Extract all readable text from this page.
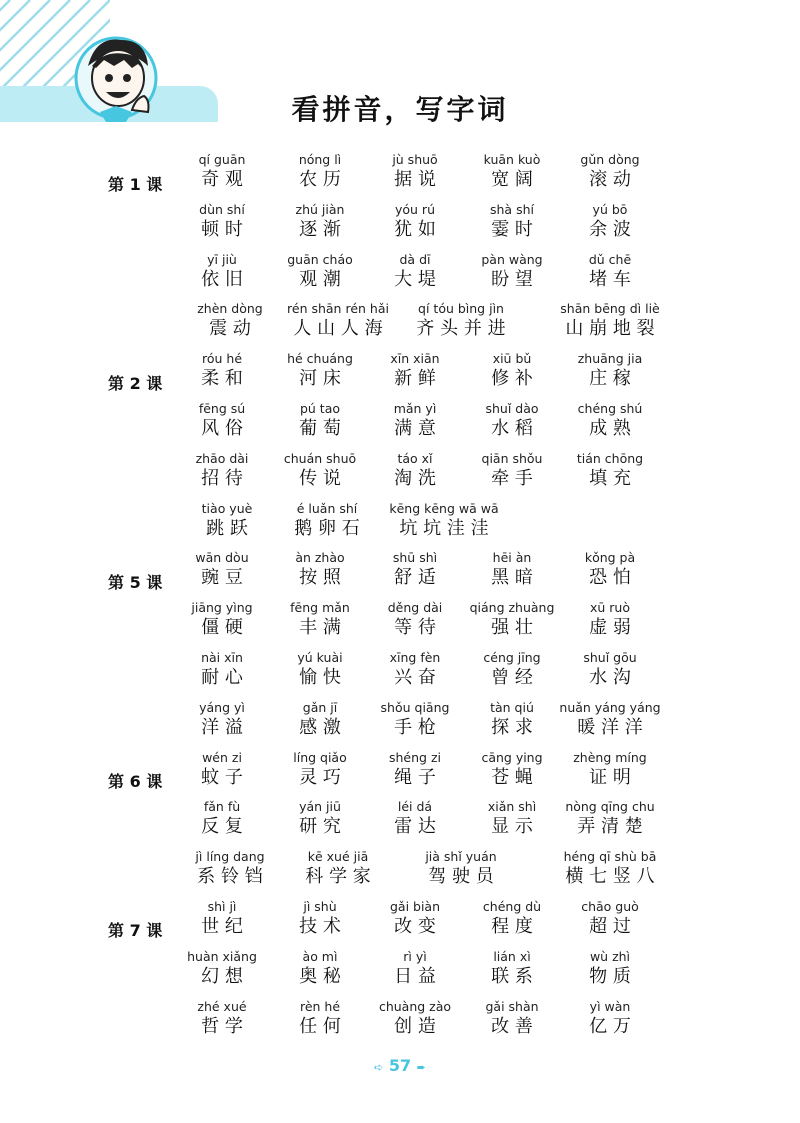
看拼音，写字词
第 1 课
第 2 课
第 5 课
第 6 课
第 7 课
qí guān
奇 观
nóng lì
农 历
jù shuō
据 说
kuān kuò
宽 阔
gǔn dòng
滚 动
dùn shí
顿 时
zhú jiàn
逐 渐
yóu rú
犹 如
shà shí
霎 时
yú bō
余 波
yī jiù
依 旧
guān cháo
观 潮
dà dī
大 堤
pàn wàng
盼 望
dǔ chē
堵 车
zhèn dòng
震 动
rén shān rén hǎi
人 山 人 海
qí tóu bìng jìn
齐 头 并 进
shān bēng dì liè
山 崩 地 裂
róu hé
柔 和
hé chuáng
河 床
xīn xiān
新 鲜
xiū bǔ
修 补
zhuāng jia
庄 稼
fēng sú
风 俗
pú tao
葡 萄
mǎn yì
满 意
shuǐ dào
水 稻
chéng shú
成 熟
zhāo dài
招 待
chuán shuō
传 说
táo xǐ
淘 洗
qiān shǒu
牵 手
tián chōng
填 充
tiào yuè
跳 跃
é luǎn shí
鹅 卵 石
kēng kēng wā wā
坑 坑 洼 洼
wān dòu
豌 豆
àn zhào
按 照
shū shì
舒 适
hēi àn
黑 暗
kǒng pà
恐 怕
jiāng yìng
僵 硬
fēng mǎn
丰 满
děng dài
等 待
qiáng zhuàng
强 壮
xū ruò
虚 弱
nài xīn
耐 心
yú kuài
愉 快
xīng fèn
兴 奋
céng jīng
曾 经
shuǐ gōu
水 沟
yáng yì
洋 溢
gǎn jī
感 激
shǒu qiāng
手 枪
tàn qiú
探 求
nuǎn yáng yáng
暖 洋 洋
wén zi
蚊 子
líng qiǎo
灵 巧
shéng zi
绳 子
cāng ying
苍 蝇
zhèng míng
证 明
fǎn fù
反 复
yán jiū
研 究
léi dá
雷 达
xiǎn shì
显 示
nòng qīng chu
弄 清 楚
jì líng dang
系 铃 铛
kē xué jiā
科 学 家
jià shǐ yuán
驾 驶 员
héng qī shù bā
横 七 竖 八
shì jì
世 纪
jì shù
技 术
gǎi biàn
改 变
chéng dù
程 度
chāo guò
超 过
huàn xiǎng
幻 想
ào mì
奥 秘
rì yì
日 益
lián xì
联 系
wù zhì
物 质
zhé xué
哲 学
rèn hé
任 何
chuàng zào
创 造
gǎi shàn
改 善
yì wàn
亿 万
➪ 57 ➨
